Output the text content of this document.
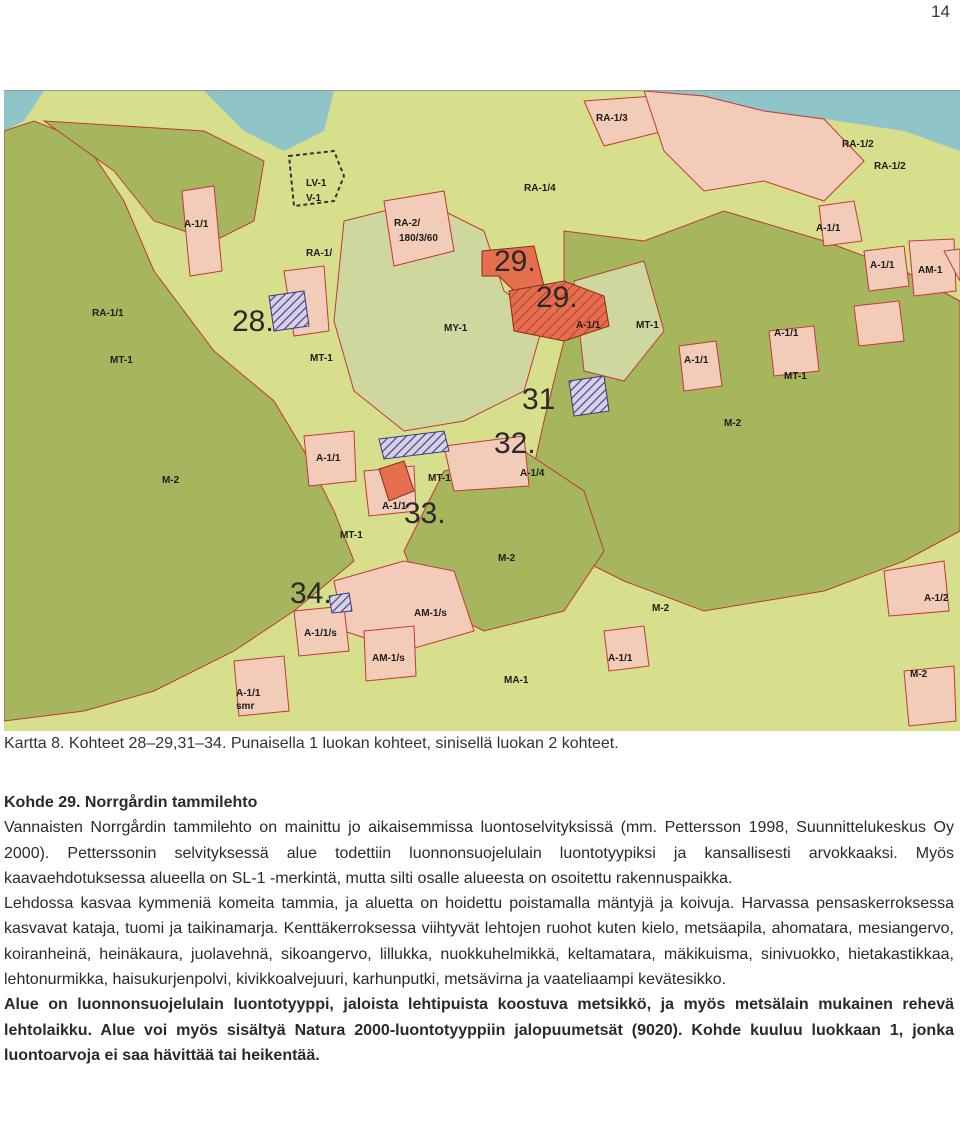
14
RA-1/3
RA-1/2
LV-1
V-1
A-1/1	RA-2/
180/3/60
RA-1/
RA-1/1
RA-1/4
RA-1/2
A-1/1
A-1/1 AM-1
MY-1	A-1/1	MT-1
MT-1	A-1/1
MT-1
A-1/1
MT-1
M-2
M-2
A-1/1
MT-1
A-1/1
A-1/4
M-2
MT-1
M-2
A-1/2
AM-1/s
A-1/1/s
AM-1/s	A-1/1
M-2
MA-1
A-1/1
smr
29.
29.
28.
31
32.
33.
34.
Kartta 8. Kohteet 28–29,31–34. Punaisella 1 luokan kohteet, sinisellä luokan 2 kohteet.

Kohde 29. Norrgårdin tammilehto

Vannaisten Norrgårdin tammilehto on mainittu jo aikaisemmissa luontoselvityksissä (mm. Pettersson 1998, Suunnittelukeskus Oy 2000). Petterssonin selvityksessä alue todettiin luonnonsuojelulain luontotyypiksi ja kansallisesti arvokkaaksi. Myös kaavaehdotuksessa alueella on SL-1 -merkintä, mutta silti osalle alueesta on osoitettu rakennuspaikka.

Lehdossa kasvaa kymmeniä komeita tammia, ja aluetta on hoidettu poistamalla mäntyjä ja koivuja. Harvassa pensaskerroksessa kasvavat kataja, tuomi ja taikinamarja. Kenttäkerroksessa viihtyvät lehtojen ruohot kuten kielo, metsäapila, ahomatara, mesiangervo, koiranheinä, heinäkaura, juolavehnä, sikoangervo, lillukka, nuokkuhelmikkä, keltamatara, mäkikuisma, sinivuokko, hietakastikkaa, lehtonurmikka, haisukurjenpolvi, kivikkoalvejuuri, karhunputki, metsävirna ja vaateliaampi kevätesikko.

Alue on luonnonsuojelulain luontotyyppi, jaloista lehtipuista koostuva metsikkö, ja myös metsälain mukainen rehevä lehtolaikku. Alue voi myös sisältyä Natura 2000-luontotyyppiin jalopuumetsät (9020). Kohde kuuluu luokkaan 1, jonka luontoarvoja ei saa hävittää tai heikentää.
